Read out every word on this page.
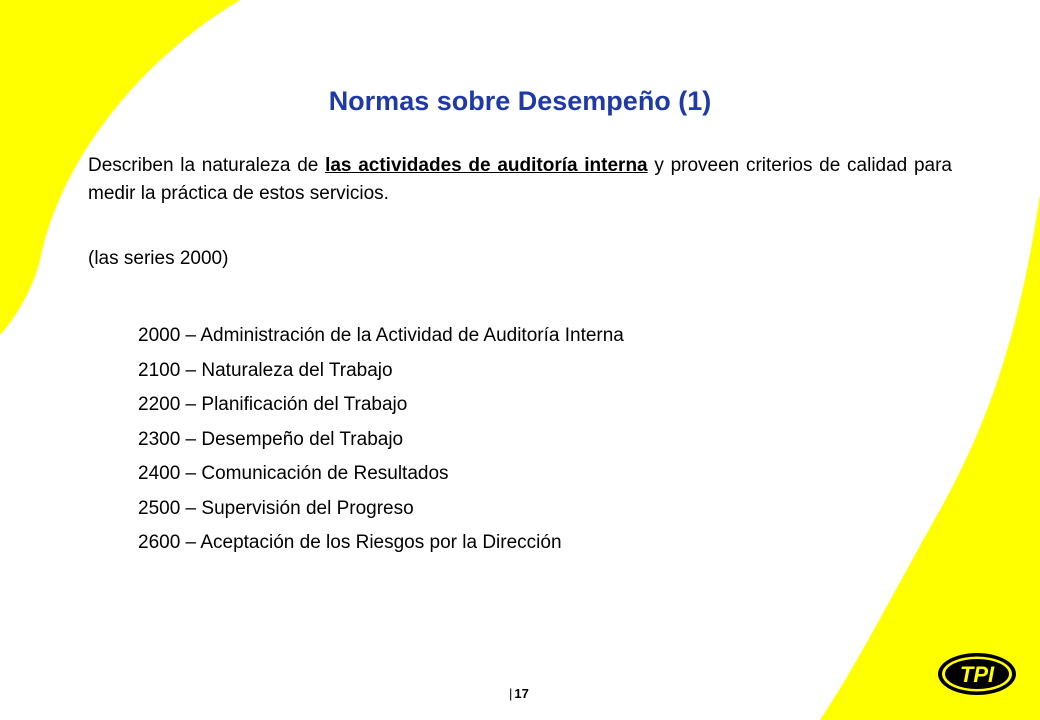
Normas sobre Desempeño (1)
Describen la naturaleza de las actividades de auditoría interna y proveen criterios de calidad para medir la práctica de estos servicios.
(las series 2000)
2000 – Administración de la Actividad de Auditoría Interna
2100 – Naturaleza del Trabajo
2200 – Planificación del Trabajo
2300 – Desempeño del Trabajo
2400 – Comunicación de Resultados
2500 – Supervisión del Progreso
2600 – Aceptación de los Riesgos por la Dirección
| 17
TPI
